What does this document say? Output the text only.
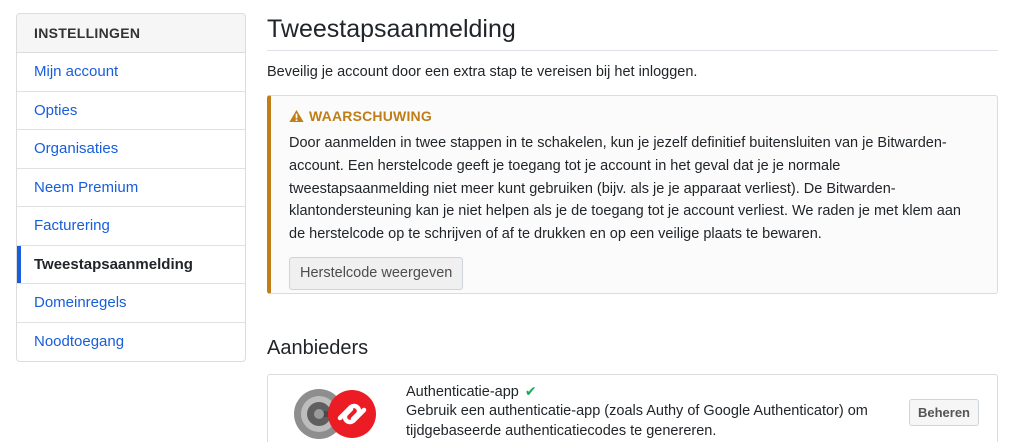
INSTELLINGEN
Mijn account
Opties
Organisaties
Neem Premium
Facturering
Tweestapsaanmelding
Domeinregels
Noodtoegang
Tweestapsaanmelding

Beveilig je account door een extra stap te vereisen bij het inloggen.

WAARSCHUWING

Door aanmelden in twee stappen in te schakelen, kun je jezelf definitief buitensluiten van je Bitwarden-account. Een herstelcode geeft je toegang tot je account in het geval dat je je normale tweestapsaanmelding niet meer kunt gebruiken (bijv. als je je apparaat verliest). De Bitwarden-klantondersteuning kan je niet helpen als je de toegang tot je account verliest. We raden je met klem aan de herstelcode op te schrijven of af te drukken en op een veilige plaats te bewaren.

Herstelcode weergeven
Aanbieders
Authenticatie-app ✔

Gebruik een authenticatie-app (zoals Authy of Google Authenticator) om tijdgebaseerde authenticatiecodes te genereren.

Beheren
